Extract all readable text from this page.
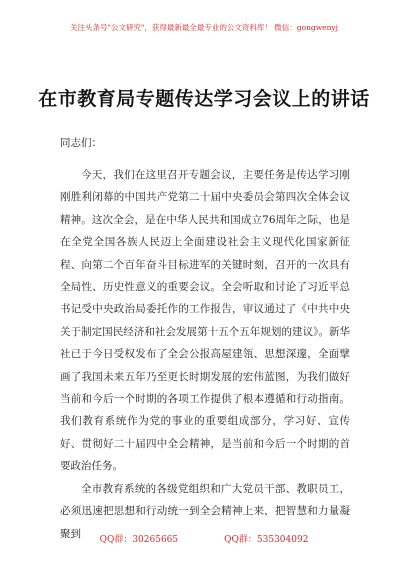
关注头条号"公文研究"，获得最新最全最专业的公文资料库！ 微信：gongwenyj
在市教育局专题传达学习会议上的讲话
同志们：

今天，我们在这里召开专题会议，主要任务是传达学习刚刚胜利闭幕的中国共产党第二十届中央委员会第四次全体会议精神。这次全会，是在中华人民共和国成立76周年之际，也是在全党全国各族人民迈上全面建设社会主义现代化国家新征程、向第二个百年奋斗目标进军的关键时刻，召开的一次具有全局性、历史性意义的重要会议。全会听取和讨论了习近平总书记受中央政治局委托作的工作报告，审议通过了《中共中央关于制定国民经济和社会发展第十五个五年规划的建议》。新华社已于今日受权发布了全会公报高屋建瓴、思想深邃，全面擘画了我国未来五年乃至更长时期发展的宏伟蓝图，为我们做好当前和今后一个时期的各项工作提供了根本遵循和行动指南。我们教育系统作为党的事业的重要组成部分，学习好、宣传好、贯彻好二十届四中全会精神，是当前和今后一个时期的首要政治任务。

全市教育系统的各级党组织和广大党员干部、教职员工，必须迅速把思想和行动统一到全会精神上来，把智慧和力量凝聚到

QQ群：30265665	QQ群：535304092
